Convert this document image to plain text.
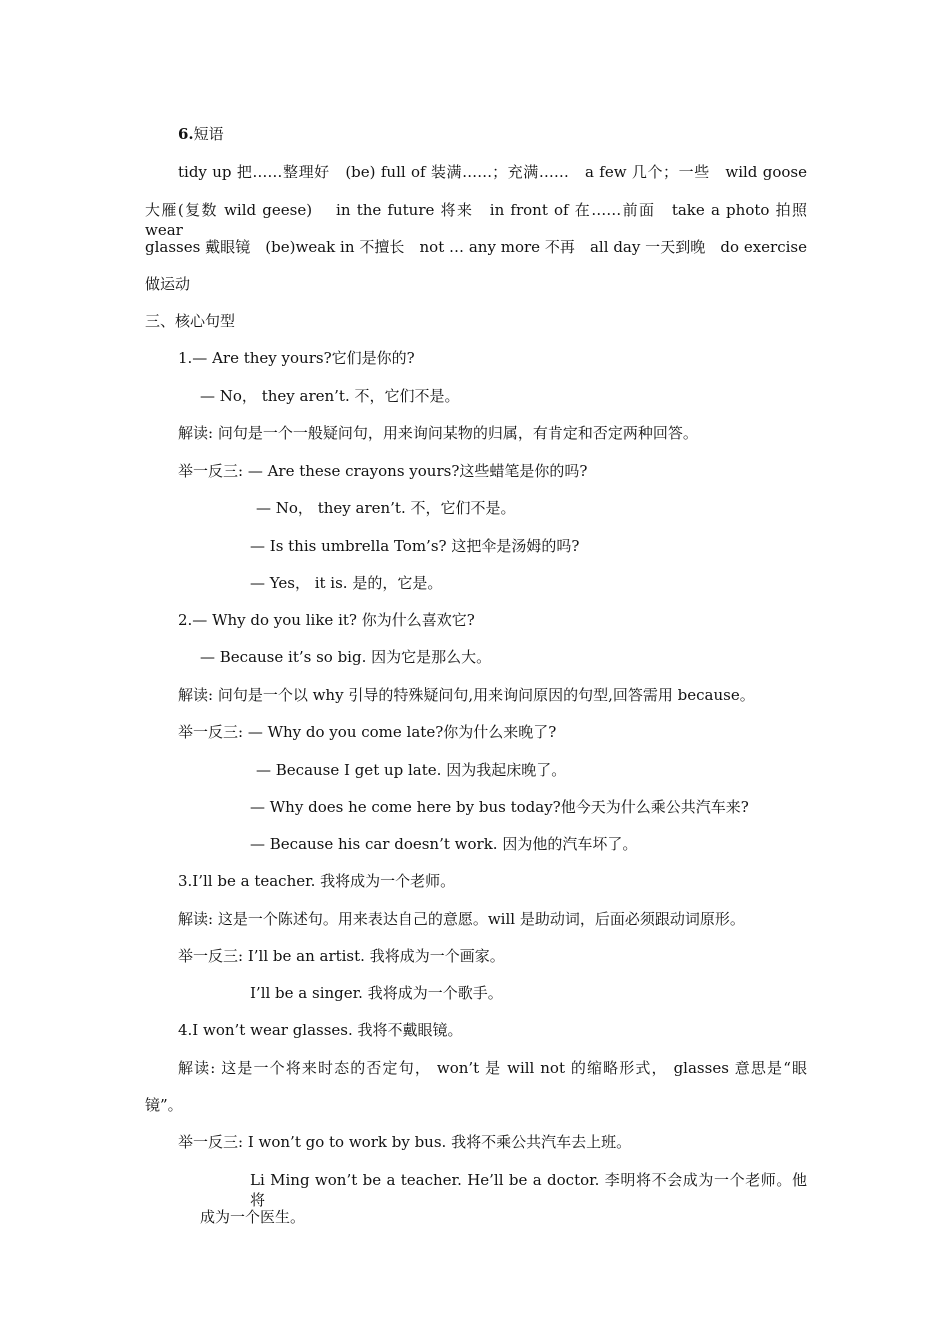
6.短语
tidy up 把……整理好　(be) full of 装满……；充满……　a few 几个；一些　wild goose
大雁(复数 wild geese)　 in the future 将来　in front of 在……前面　take a photo 拍照　wear
glasses 戴眼镜　(be)weak in 不擅长　not … any more 不再　all day 一天到晚　do exercise
做运动
三、核心句型
1.— Are they yours?它们是你的?
— No， they aren’t. 不，它们不是。
解读: 问句是一个一般疑问句，用来询问某物的归属，有肯定和否定两种回答。
举一反三: — Are these crayons yours?这些蜡笔是你的吗?
— No， they aren’t. 不，它们不是。
— Is this umbrella Tom’s? 这把伞是汤姆的吗?
— Yes， it is. 是的，它是。
2.— Why do you like it? 你为什么喜欢它?
— Because it’s so big. 因为它是那么大。
解读: 问句是一个以 why 引导的特殊疑问句,用来询问原因的句型,回答需用 because。
举一反三: — Why do you come late?你为什么来晚了?
— Because I get up late. 因为我起床晚了。
— Why does he come here by bus today?他今天为什么乘公共汽车来?
— Because his car doesn’t work. 因为他的汽车坏了。
3.I’ll be a teacher. 我将成为一个老师。
解读: 这是一个陈述句。用来表达自己的意愿。will 是助动词，后面必须跟动词原形。
举一反三: I’ll be an artist. 我将成为一个画家。
I’ll be a singer. 我将成为一个歌手。
4.I won’t wear glasses. 我将不戴眼镜。
解读: 这是一个将来时态的否定句， won’t 是 will not 的缩略形式， glasses 意思是“眼
镜”。
举一反三: I won’t go to work by bus. 我将不乘公共汽车去上班。
Li Ming won’t be a teacher. He’ll be a doctor. 李明将不会成为一个老师。他将
成为一个医生。
